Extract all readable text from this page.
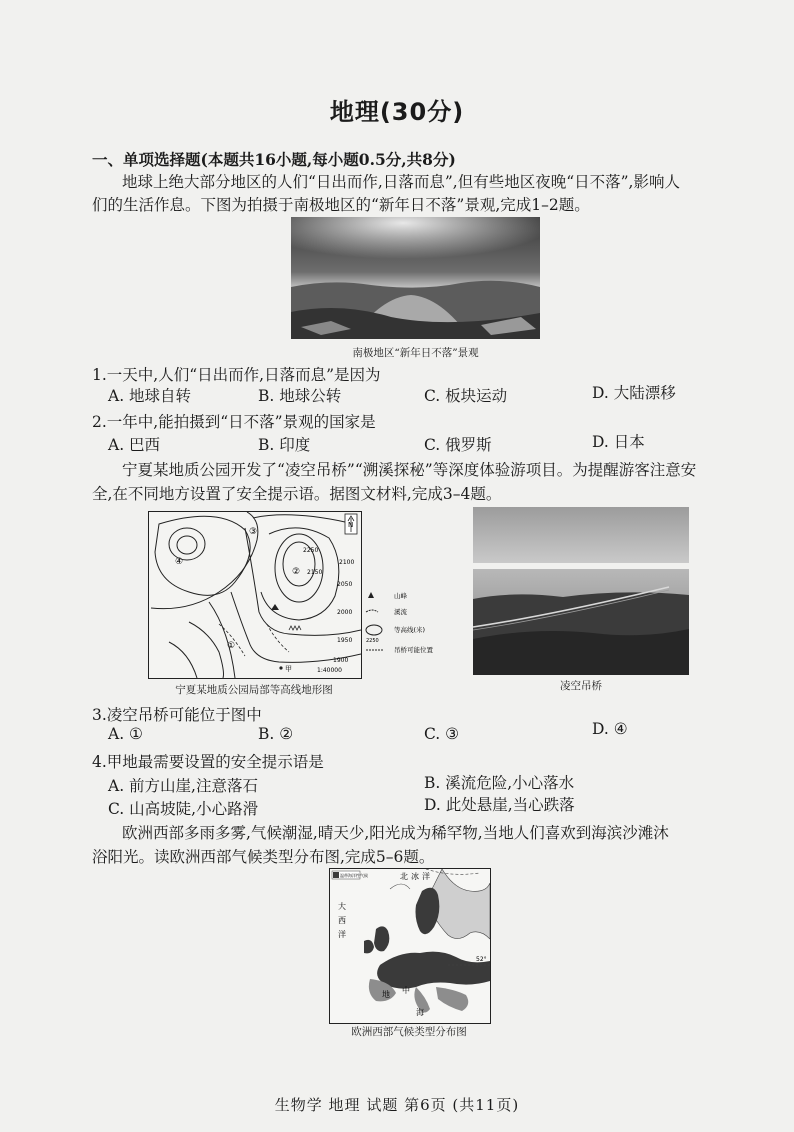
地理(30分)
一、单项选择题(本题共16小题,每小题0.5分,共8分)
地球上绝大部分地区的人们“日出而作,日落而息”,但有些地区夜晚“日不落”,影响人
们的生活作息。下图为拍摄于南极地区的“新年日不落”景观,完成1–2题。
南极地区“新年日不落”景观
1.一天中,人们“日出而作,日落而息”是因为
A. 地球自转	B. 地球公转	C. 板块运动	D. 大陆漂移
2.一年中,能拍摄到“日不落”景观的国家是
A. 巴西	B. 印度	C. 俄罗斯	D. 日本
宁夏某地质公园开发了“凌空吊桥”“溯溪探秘”等深度体验游项目。为提醒游客注意安
全,在不同地方设置了安全提示语。据图文材料,完成3–4题。
①
②
③
④
2250
2150
2100
2050
2000
1950
1900
甲	1:40000
N
山峰
溪流
2250
等高线(米)
吊桥可能位置
宁夏某地质公园局部等高线地形图	凌空吊桥
3.凌空吊桥可能位于图中
A. ①	B. ②	C. ③	D. ④
4.甲地最需要设置的安全提示语是
A. 前方山崖,注意落石	B. 溪流危险,小心落水
C. 山高坡陡,小心路滑	D. 此处悬崖,当心跌落
欧洲西部多雨多雾,气候潮湿,晴天少,阳光成为稀罕物,当地人们喜欢到海滨沙滩沐
浴阳光。读欧洲西部气候类型分布图,完成5–6题。
52°
温带海洋性气候	北 冰 洋
大
西
洋
地 中
海
欧洲西部气候类型分布图
生物学 地理 试题 第6页 (共11页)
